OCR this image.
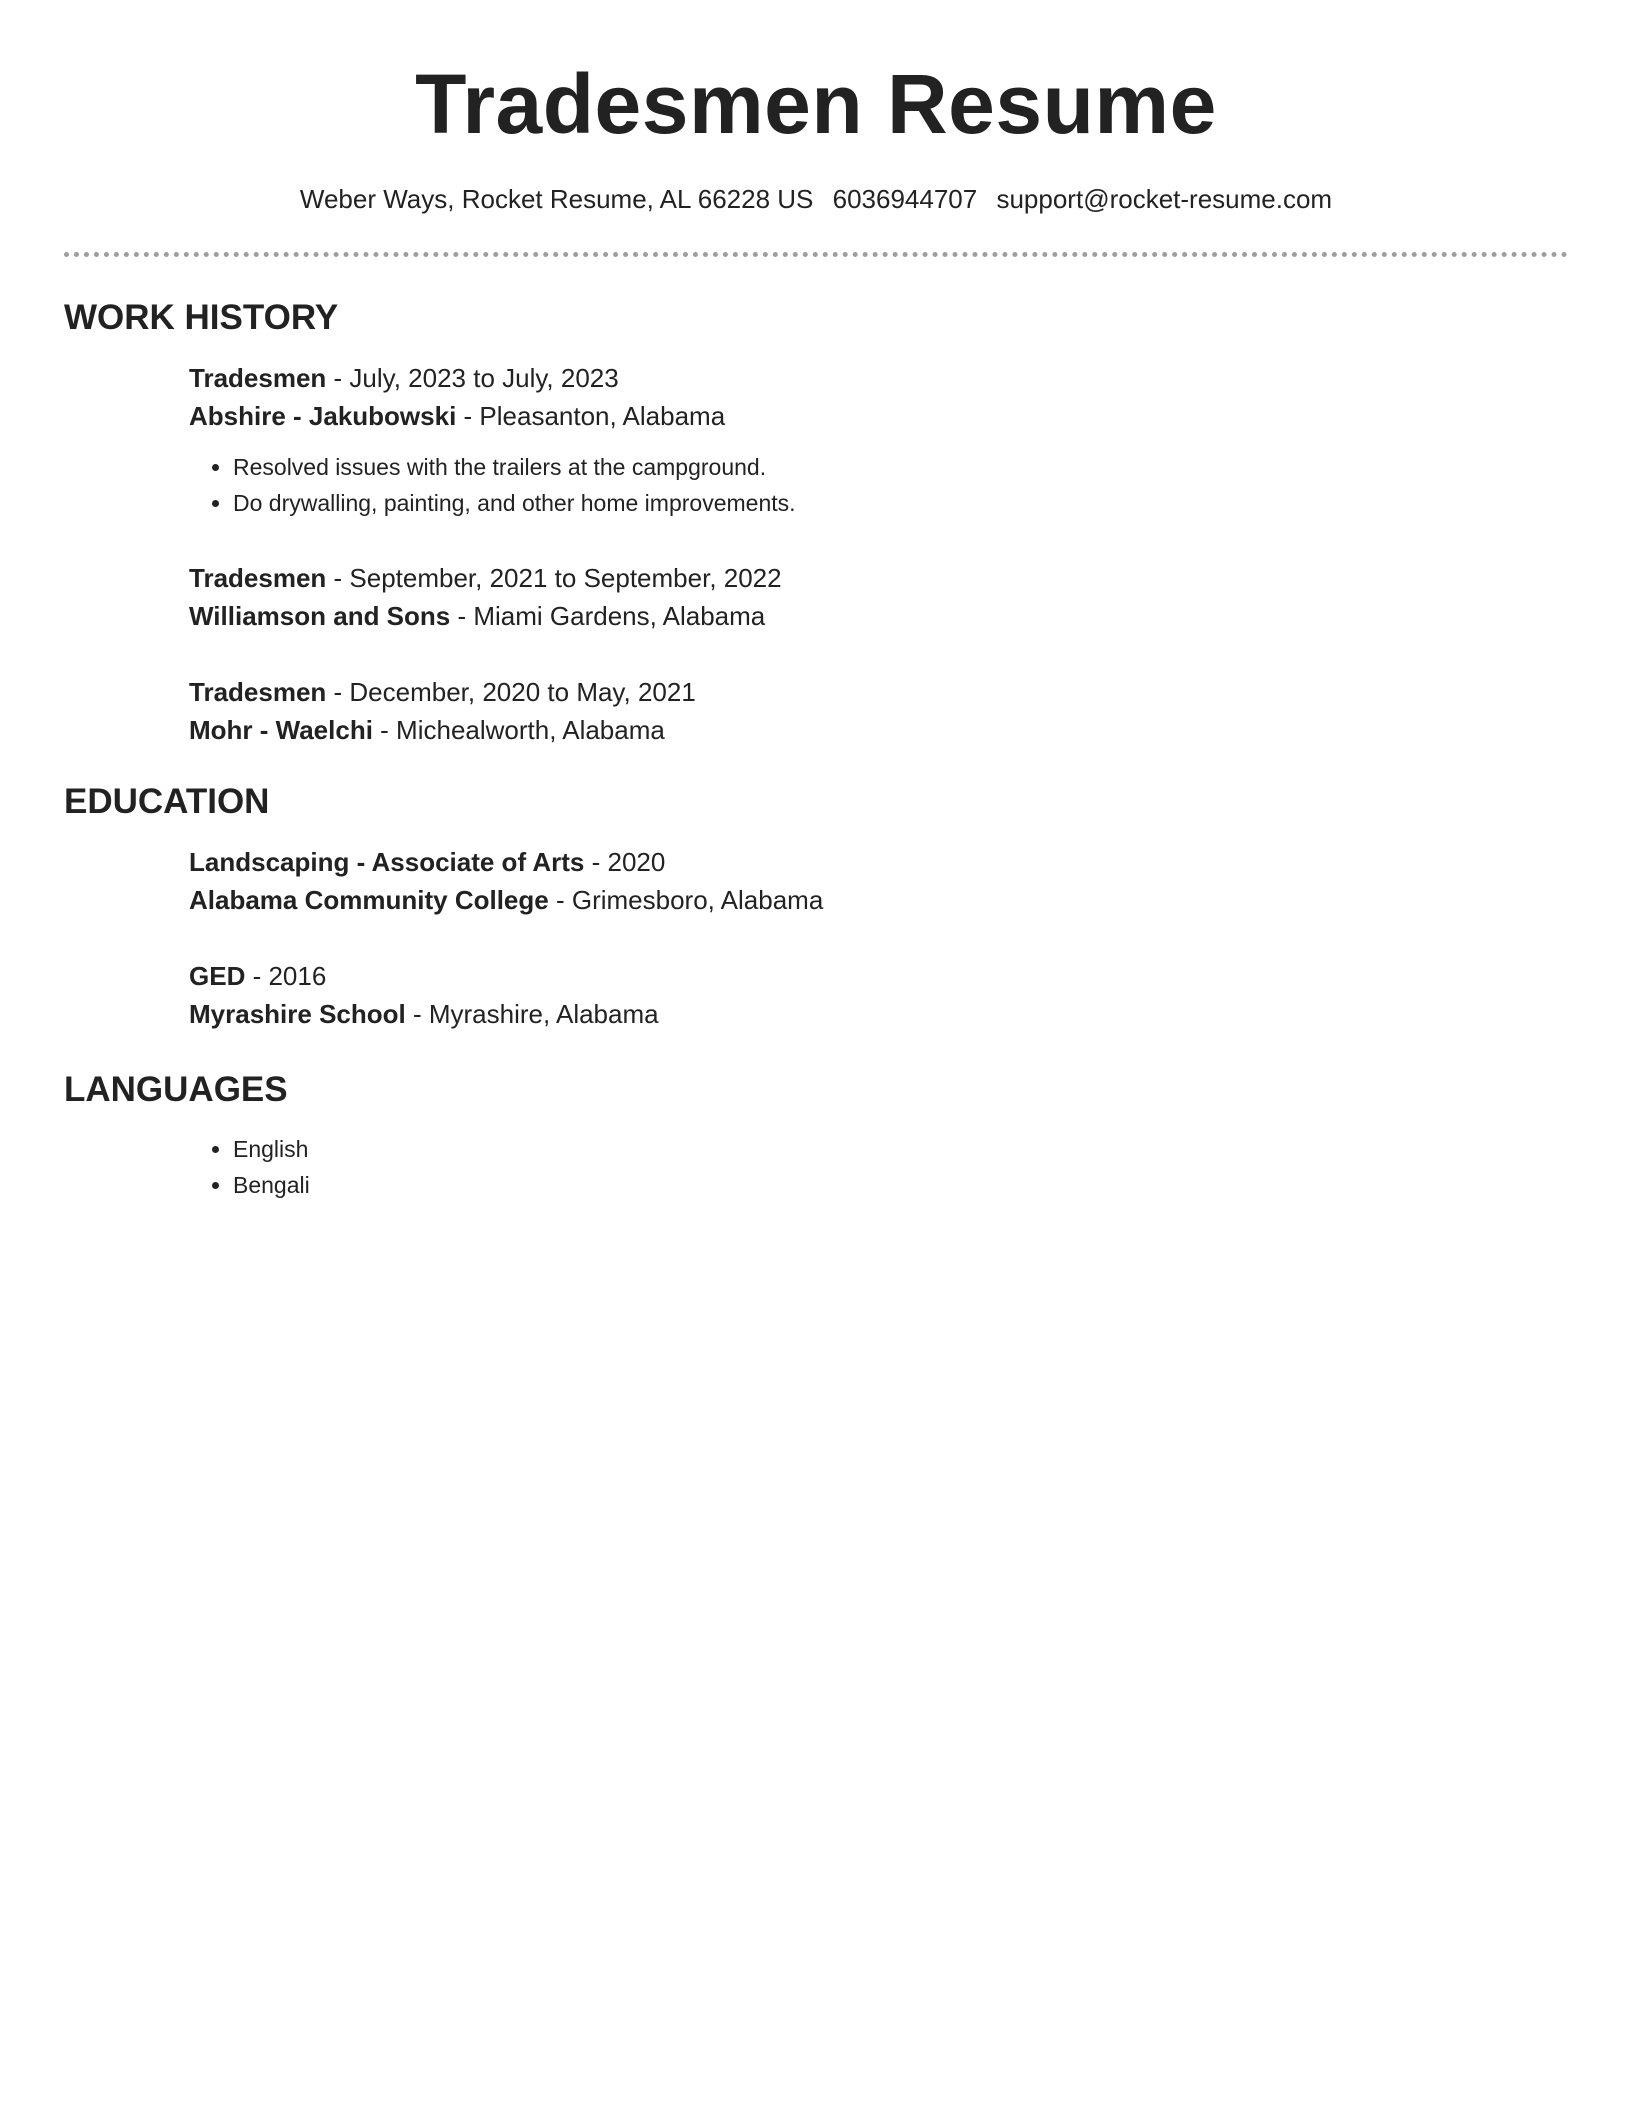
Tradesmen Resume
Weber Ways, Rocket Resume, AL 66228 US 6036944707 support@rocket-resume.com
WORK HISTORY
Tradesmen - July, 2023 to July, 2023
Abshire - Jakubowski - Pleasanton, Alabama
• Resolved issues with the trailers at the campground.
• Do drywalling, painting, and other home improvements.
Tradesmen - September, 2021 to September, 2022
Williamson and Sons - Miami Gardens, Alabama
Tradesmen - December, 2020 to May, 2021
Mohr - Waelchi - Michealworth, Alabama
EDUCATION
Landscaping - Associate of Arts - 2020
Alabama Community College - Grimesboro, Alabama
GED - 2016
Myrashire School - Myrashire, Alabama
LANGUAGES
• English
• Bengali
